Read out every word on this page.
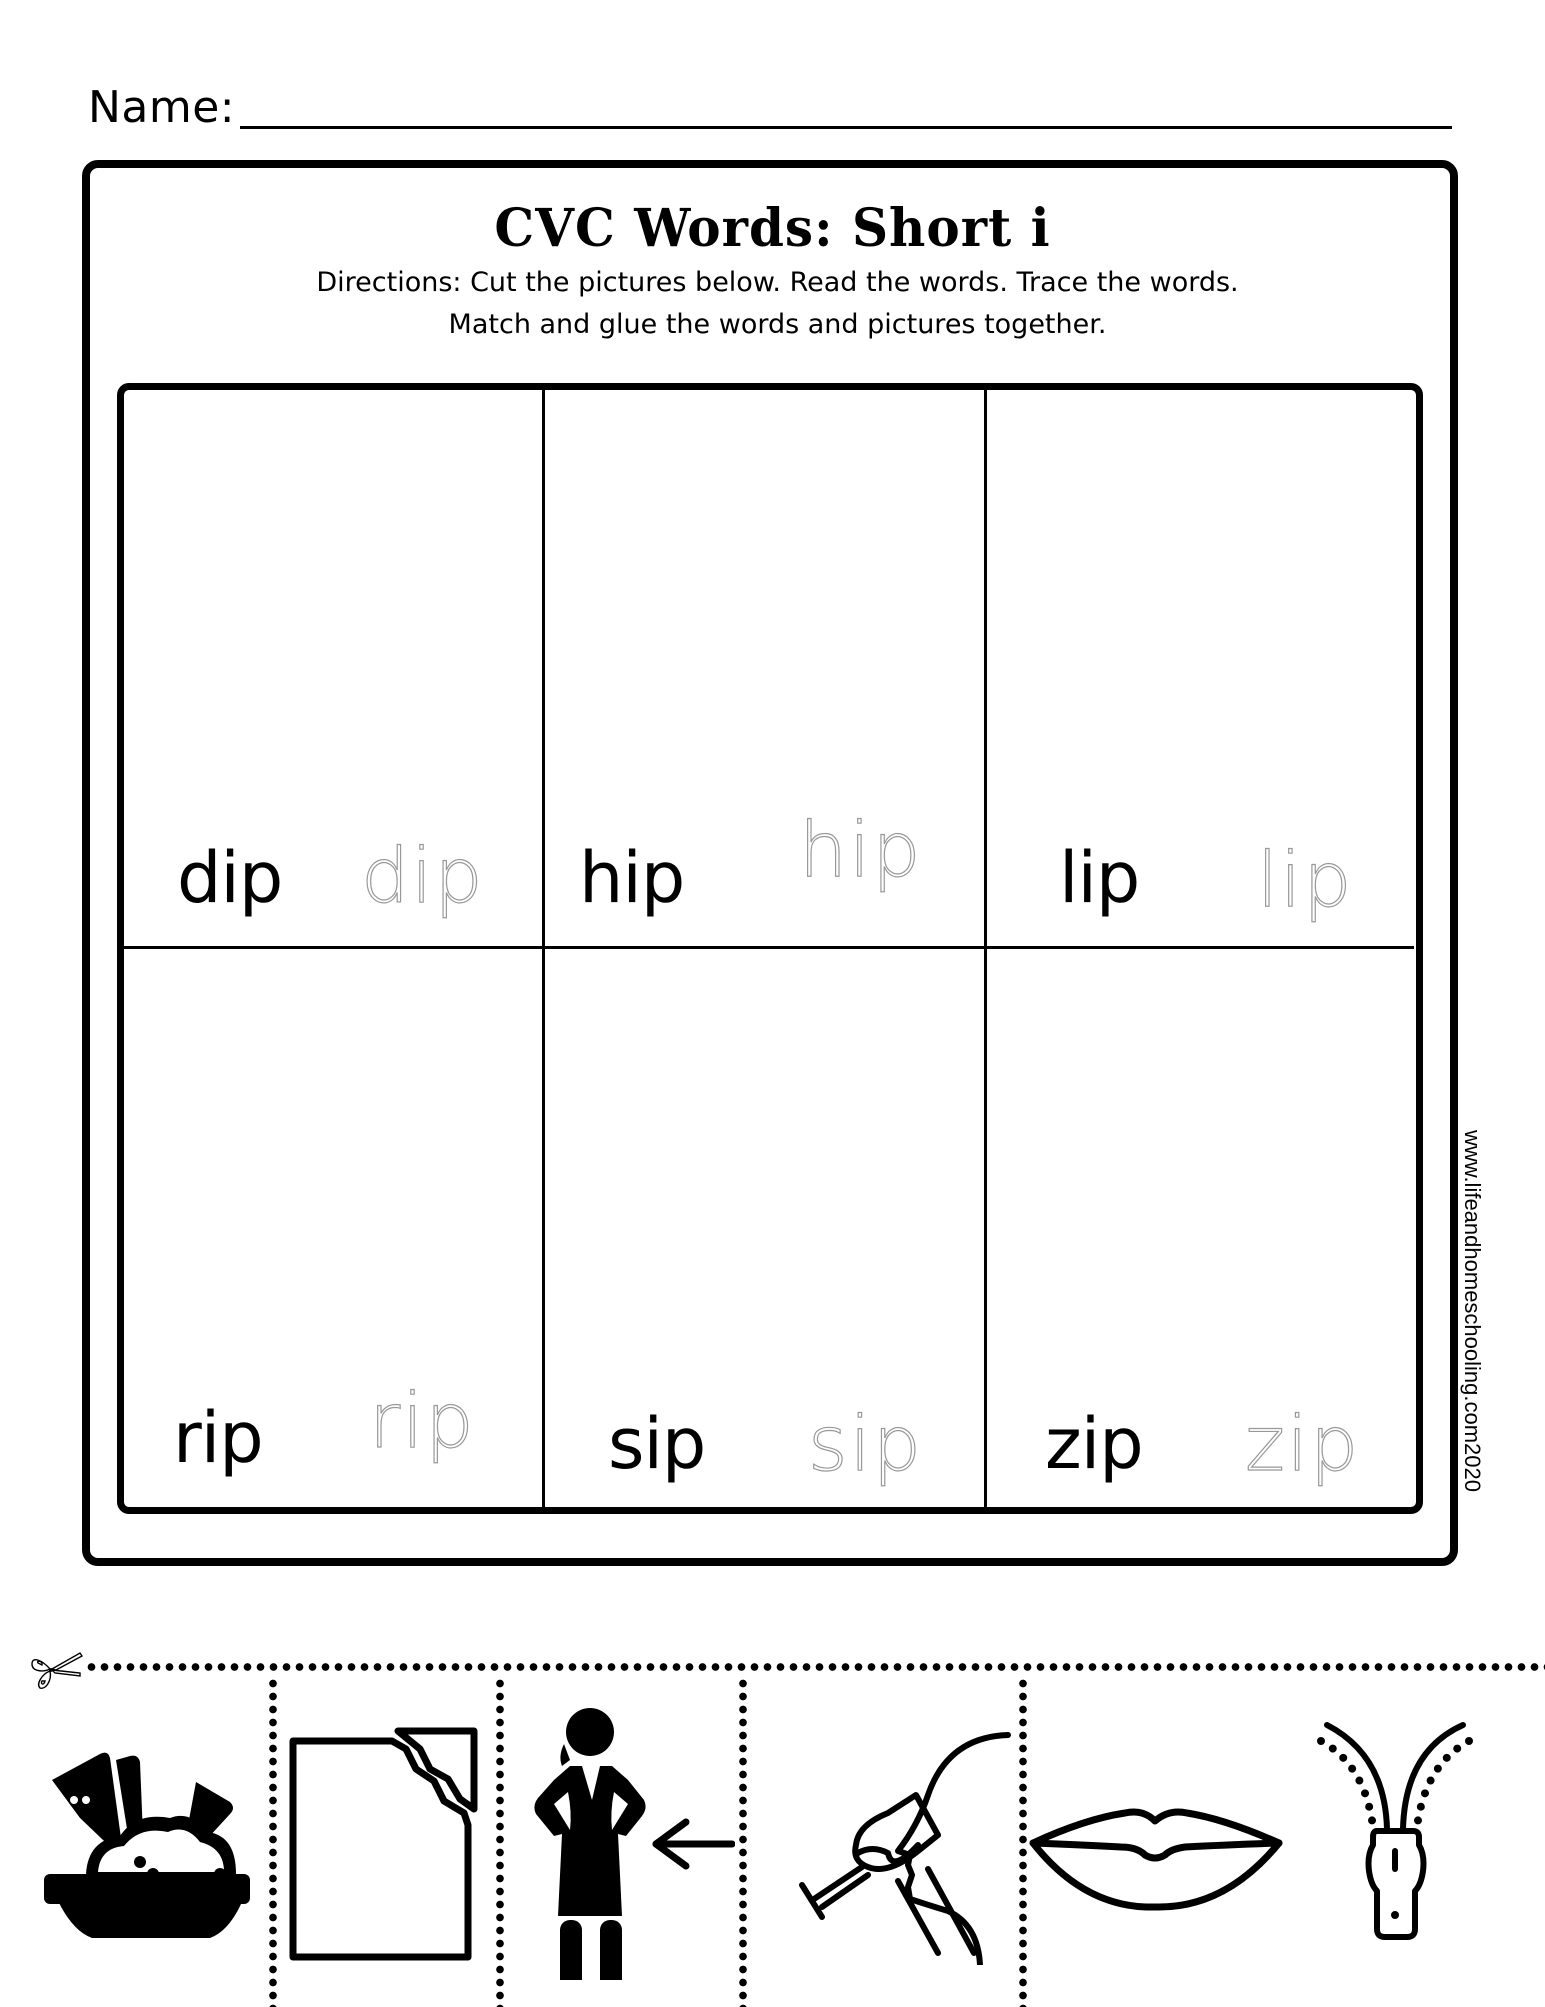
Name:
CVC Words: Short i
Directions: Cut the pictures below. Read the words. Trace the words. Match and glue the words and pictures together.
dip dip hip hip lip lip
rip rip sip sip zip zip	www.lifeandhomeschooling.com2020
